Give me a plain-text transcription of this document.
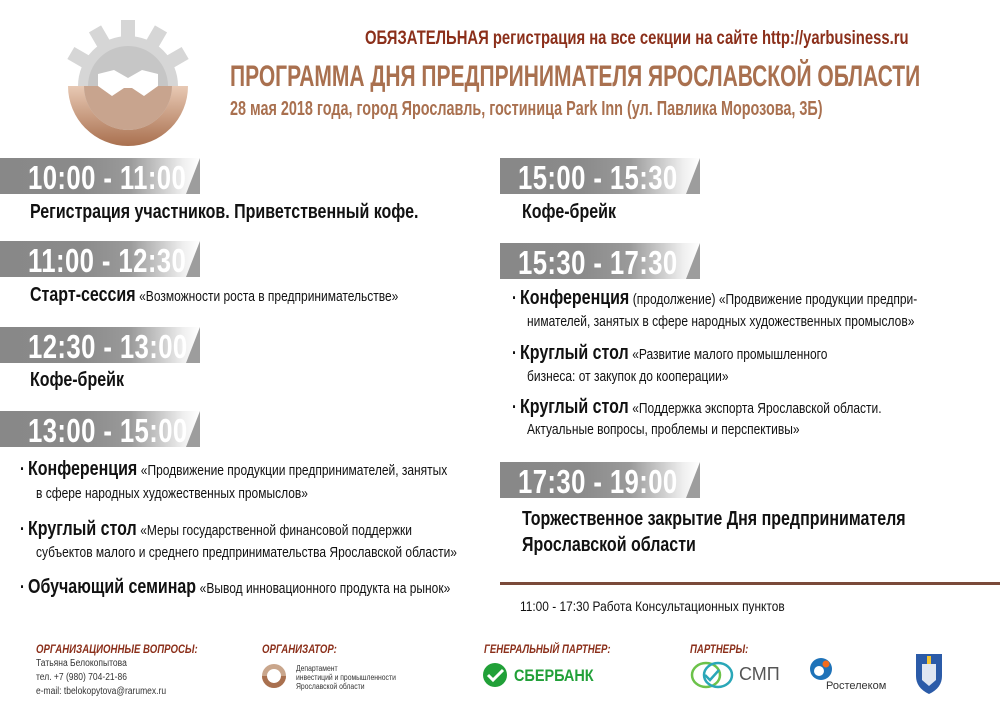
ОБЯЗАТЕЛЬНАЯ регистрация на все секции на сайте http://yarbusiness.ru
ПРОГРАММА ДНЯ ПРЕДПРИНИМАТЕЛЯ ЯРОСЛАВСКОЙ ОБЛАСТИ
28 мая 2018 года, город Ярославль, гостиница Park Inn (ул. Павлика Морозова, 3Б)
10:00 - 11:00
Регистрация участников. Приветственный кофе.
11:00 - 12:30
Старт-сессия «Возможности роста в предпринимательстве»
12:30 - 13:00
Кофе-брейк
13:00 - 15:00
· Конференция «Продвижение продукции предпринимателей, занятых
в сфере народных художественных промыслов»
· Круглый стол «Меры государственной финансовой поддержки
субъектов малого и среднего предпринимательства Ярославской области»
· Обучающий семинар «Вывод инновационного продукта на рынок»
15:00 - 15:30
Кофе-брейк
15:30 - 17:30
· Конференция (продолжение) «Продвижение продукции предпри-
нимателей, занятых в сфере народных художественных промыслов»
· Круглый стол «Развитие малого промышленного
бизнеса: от закупок до кооперации»
· Круглый стол «Поддержка экспорта Ярославской области.
Актуальные вопросы, проблемы и перспективы»
17:30 - 19:00
Торжественное закрытие Дня предпринимателя
Ярославской области
11:00 - 17:30 Работа Консультационных пунктов
ОРГАНИЗАЦИОННЫЕ ВОПРОСЫ:
Татьяна Белокопытова
тел. +7 (980) 704-21-86
e-mail: tbelokopytova@rarumex.ru
ОРГАНИЗАТОР:
Департамент
инвестиций и промышленности
Ярославской области
ГЕНЕРАЛЬНЫЙ ПАРТНЕР:
СБЕРБАНК
ПАРТНЕРЫ:
СМП
Ростелеком
